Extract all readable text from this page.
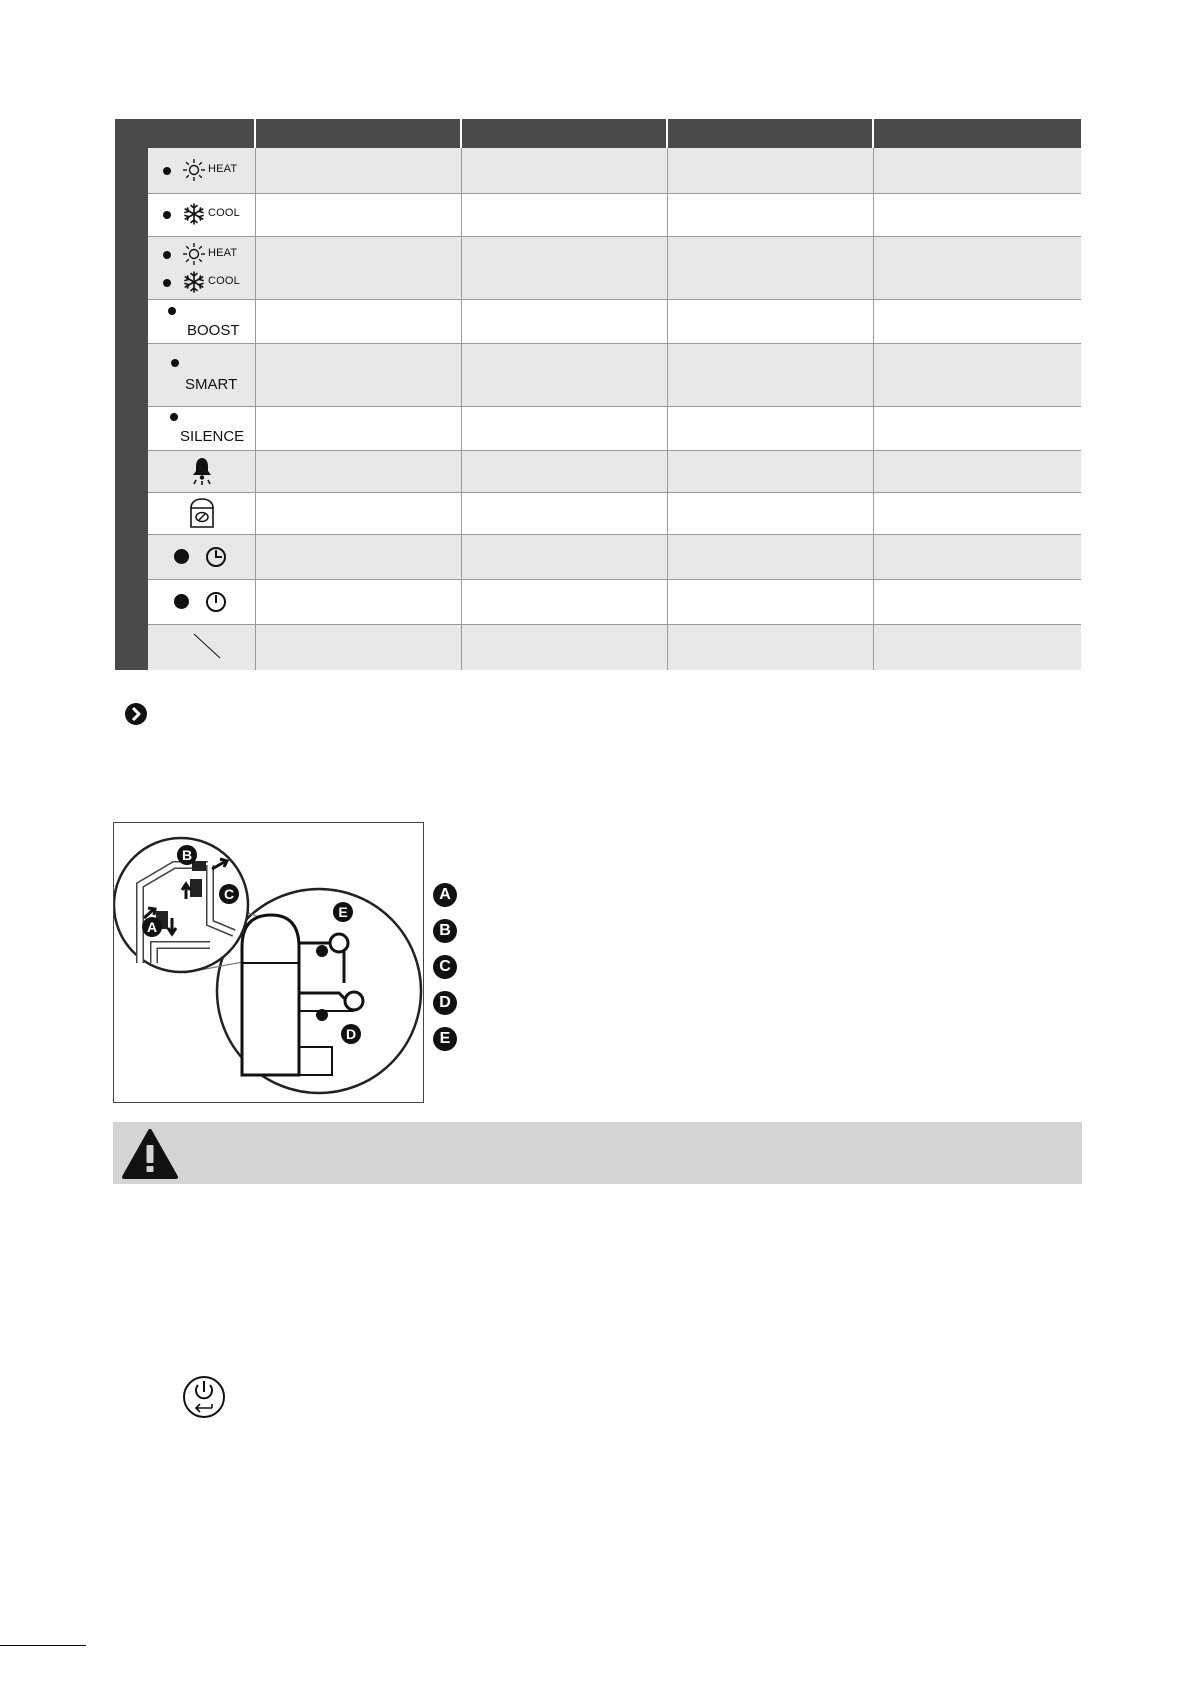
HEAT
COOL
HEAT
COOL
BOOST
SMART
SILENCE
A
B
C
D
E
A
B
C
D
E
